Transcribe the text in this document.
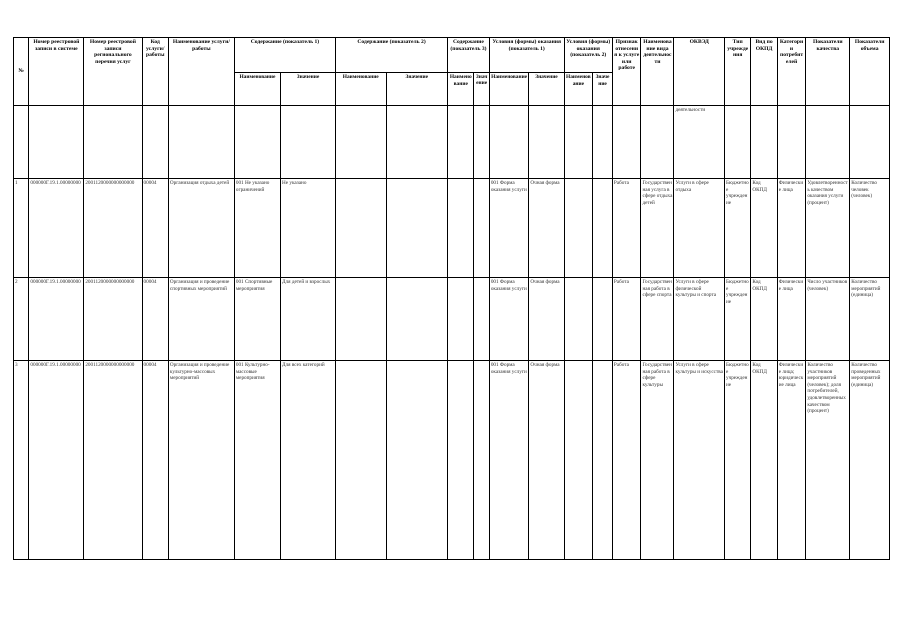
№	Номер реестровой записи в системе	Номер реестровой записи регионального перечня услуг	Код услуги/работы	Наименование услуги/работы	Содержание (показатель 1)		Содержание (показатель 2)		Содержание (показатель 3)		Условия (формы) оказания (показатель 1)		Условия (формы) оказания (показатель 2)		Признак отнесения к услуге или работе	Наименование вида деятельности	ОКВЭД	Тип учреждения	Вид по ОКПД	Категории потребителей	Показатели качества	Показатели объема
					Наименование	Значение	Наименование	Значение	Наименование	Значение	Наименование	Значение	Наименование	Значение								
																	деятельности					
1	000000Г.19.1.00000000	2001120000000000000	00004	Организация отдыха детей	001 Не указано ограничений	Не указано					001 Форма оказания услуги	Очная форма			Работа	Государственная услуга в сфере отдыха детей	Услуги в сфере отдыха	Бюджетное учреждение	Код ОКПД	Физические лица	Удовлетворенность качеством оказания услуги (процент)	Количество человек (человек)
2	000000Г.19.1.00000000	2001120000000000000	00004	Организация и проведение спортивных мероприятий	001 Спортивные мероприятия	Для детей и взрослых					001 Форма оказания услуги	Очная форма			Работа	Государственная работа в сфере спорта	Услуги в сфере физической культуры и спорта	Бюджетное учреждение	Код ОКПД	Физические лица	Число участников (человек)	Количество мероприятий (единица)
3	000000Г.19.1.00000000	2001120000000000000	00004	Организация и проведение культурно-массовых мероприятий	001 Культурно-массовые мероприятия	Для всех категорий					001 Форма оказания услуги	Очная форма			Работа	Государственная работа в сфере культуры	Услуги в сфере культуры и искусства	Бюджетное учреждение	Код ОКПД	Физические лица; юридические лица	Количество участников мероприятий (человек); доля потребителей, удовлетворенных качеством (процент)	Количество проведенных мероприятий (единица)
